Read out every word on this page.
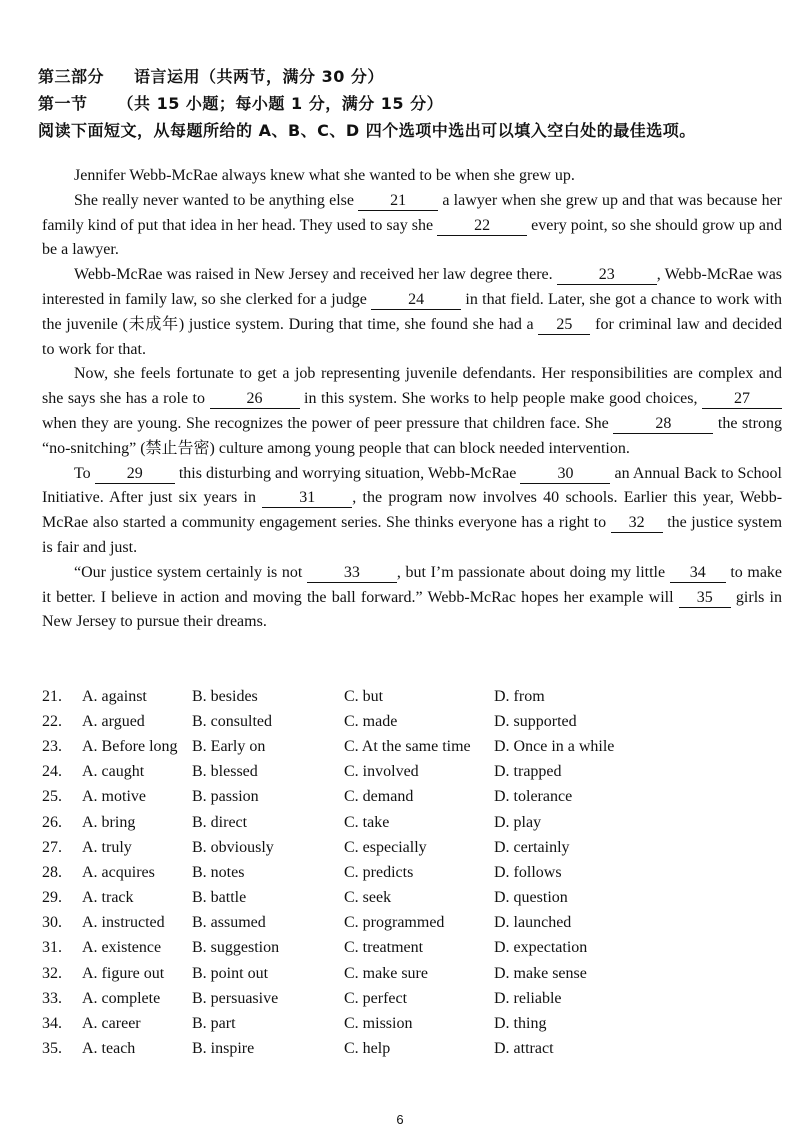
第三部分 语言运用（共两节，满分 30 分）
第一节 （共 15 小题；每小题 1 分，满分 15 分）
阅读下面短文，从每题所给的 A、B、C、D 四个选项中选出可以填入空白处的最佳选项。

Jennifer Webb-McRae always knew what she wanted to be when she grew up.

She really never wanted to be anything else 21 a lawyer when she grew up and that was because her family kind of put that idea in her head. They used to say she	22	every point, so she should grow up and be a lawyer.

Webb-McRae was raised in New Jersey and received her law degree there.	23	, Webb-McRae was interested in family law, so she clerked for a judge	24	in that field. Later, she got a chance to work with the juvenile (未成年) justice system. During that time, she found she had a 25 for criminal law and decided to work for that.

Now, she feels fortunate to get a job representing juvenile defendants. Her responsibilities are complex and she says she has a role to	26	in this system. She works to help people make good choices, 27 when they are young. She recognizes the power of peer pressure that children face. She	28	the strong “no-snitching” (禁止告密) culture among young people that can block needed intervention.

To 29 this disturbing and worrying situation, Webb-McRae	30	an Annual Back to School Initiative. After just six years in	31 , the program now involves 40 schools. Earlier this year, Webb-McRae also started a community engagement series. She thinks everyone has a right to 32 the justice system is fair and just.

“Our justice system certainly is not	33 , but I’m passionate about doing my little 34 to make it better. I believe in action and moving the ball forward.” Webb-McRac hopes her example will 35 girls in New Jersey to pursue their dreams.

21.	A. against	B. besides	C. but	D. from
22.	A. argued	B. consulted	C. made	D. supported
23.	A. Before long B. Early on	C. At the same time	D. Once in a while
24.	A. caught	B. blessed	C. involved	D. trapped
25.	A. motive	B. passion	C. demand	D. tolerance
26.	A. bring	B. direct	C. take	D. play
27.	A. truly	B. obviously	C. especially	D. certainly
28.	A. acquires	B. notes	C. predicts	D. follows
29.	A. track	B. battle	C. seek	D. question
30.	A. instructed	B. assumed	C. programmed	D. launched
31.	A. existence	B. suggestion	C. treatment	D. expectation
32.	A. figure out	B. point out	C. make sure	D. make sense
33.	A. complete	B. persuasive	C. perfect	D. reliable
34.	A. career	B. part	C. mission	D. thing
35.	A. teach	B. inspire	C. help	D. attract
6
